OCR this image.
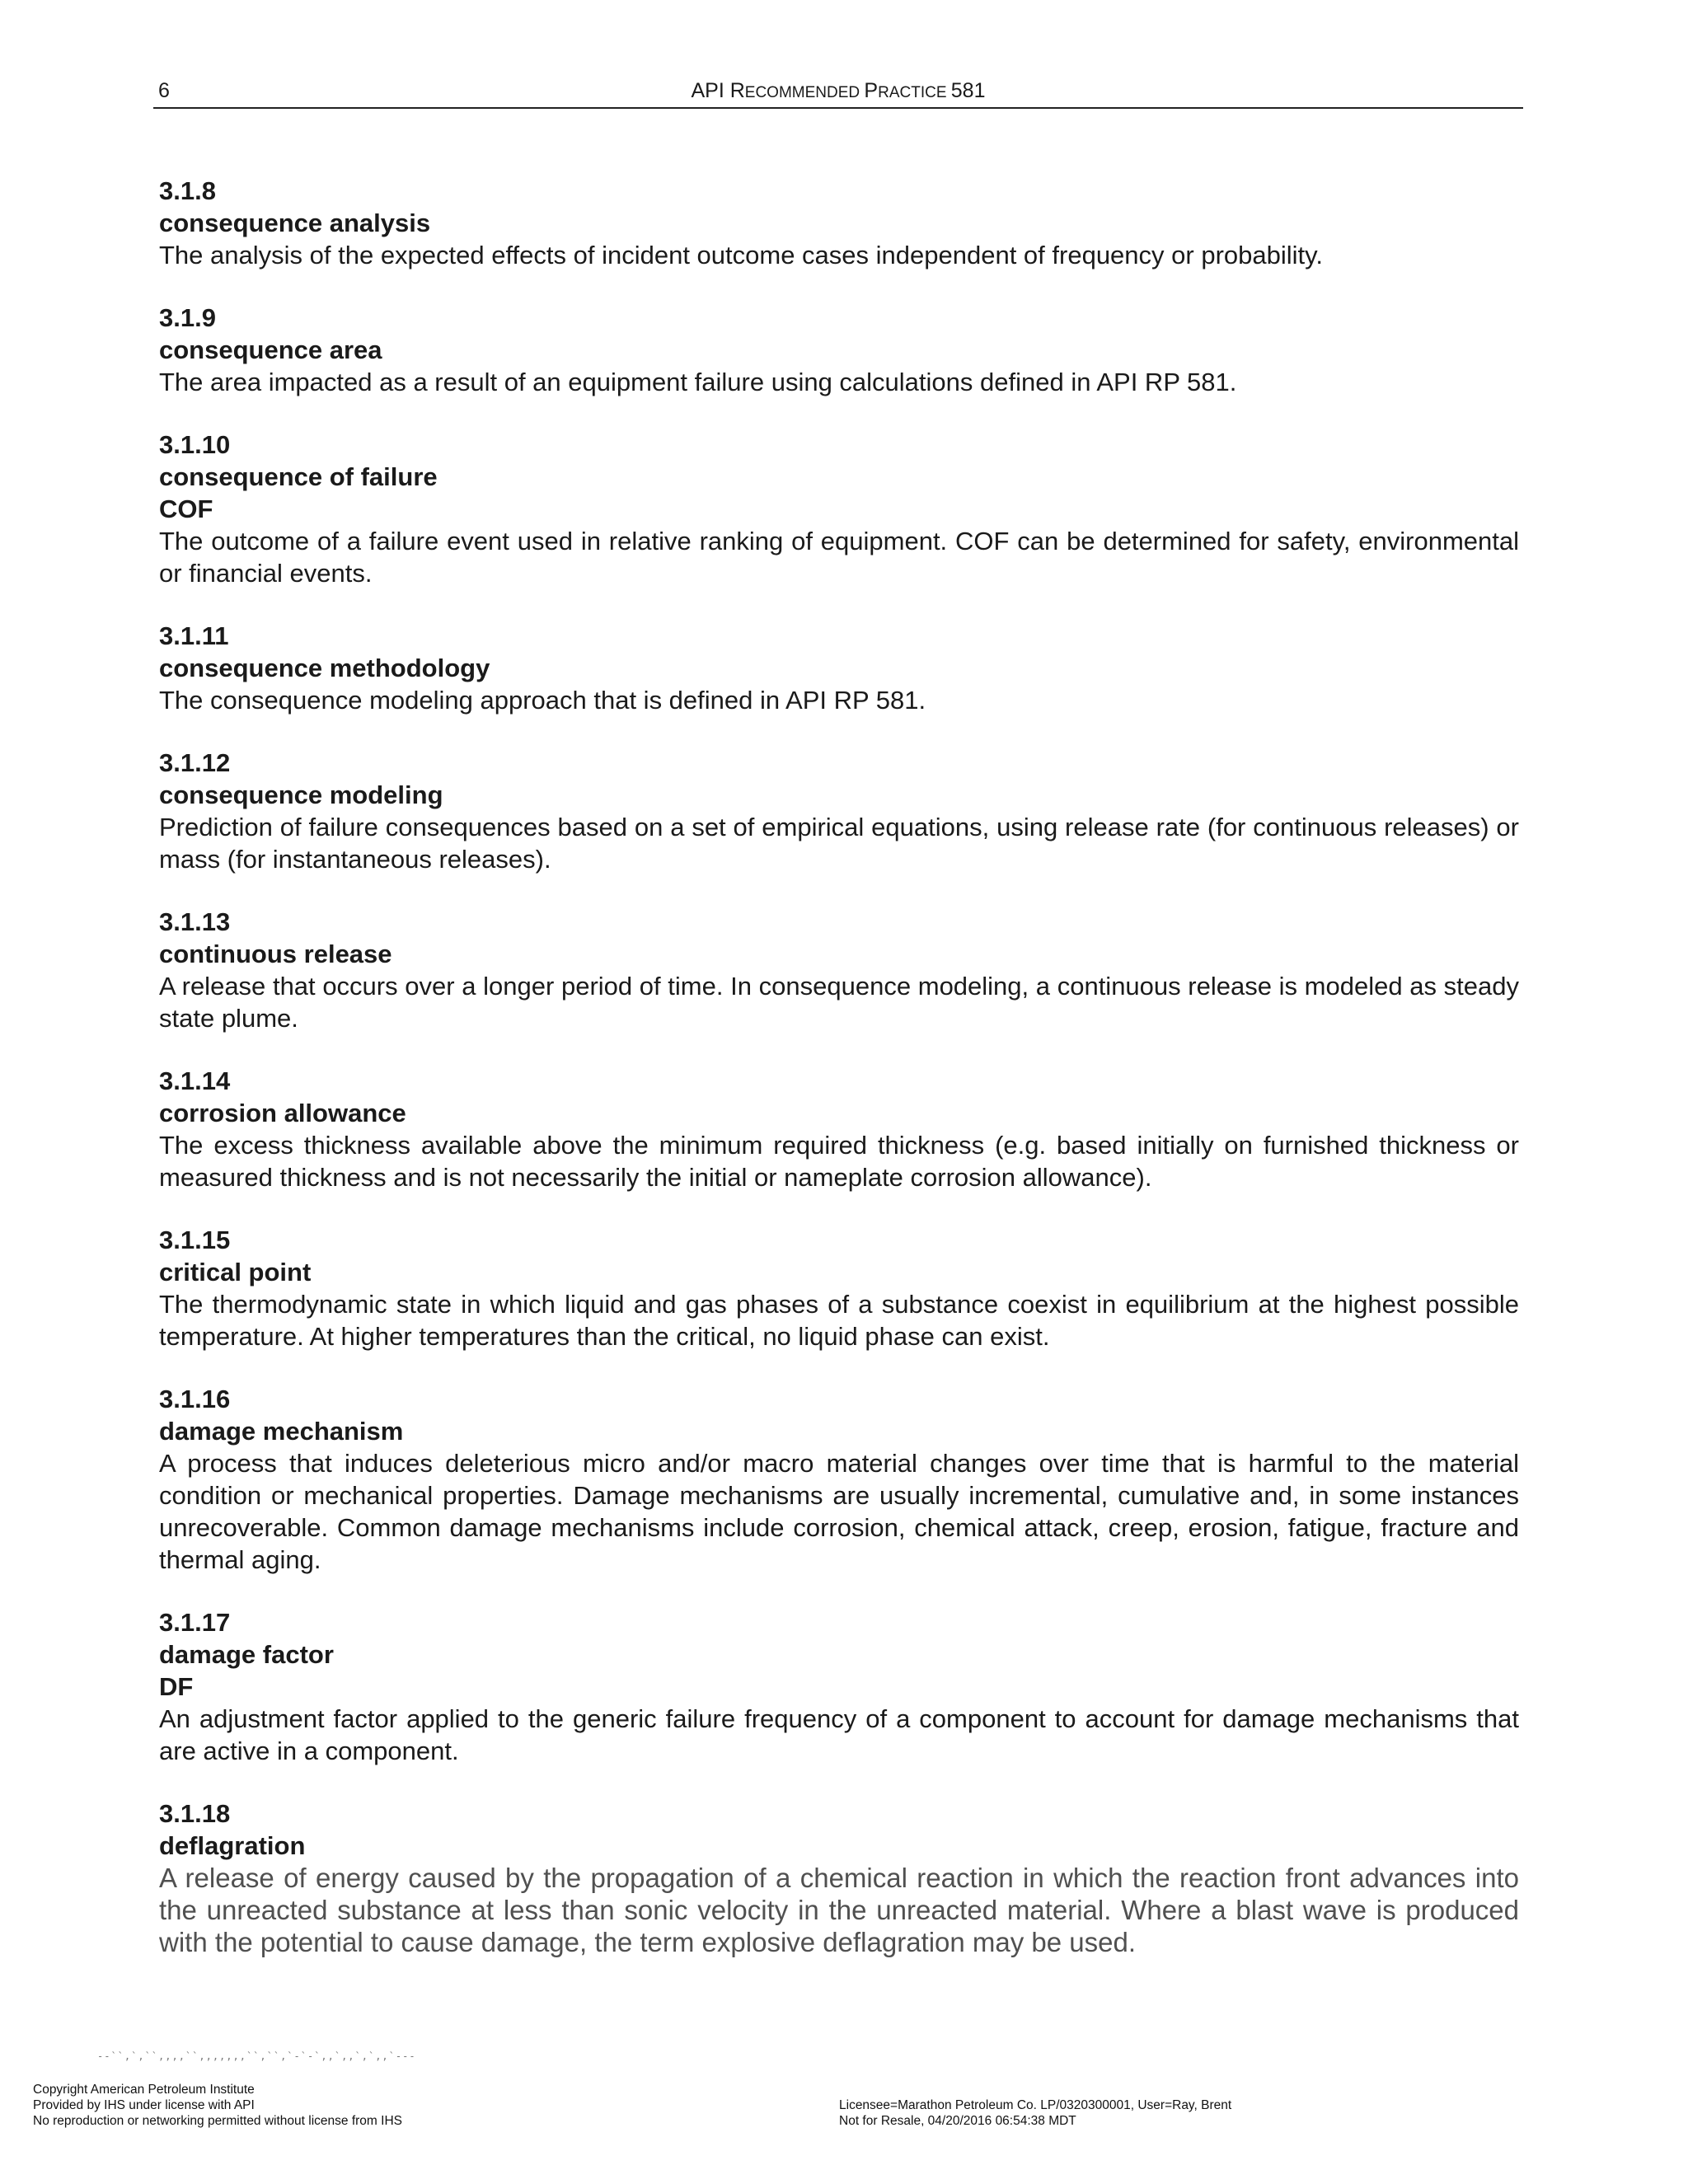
6	API RECOMMENDED PRACTICE 581

3.1.8

consequence analysis

The analysis of the expected effects of incident outcome cases independent of frequency or probability.

3.1.9

consequence area

The area impacted as a result of an equipment failure using calculations defined in API RP 581.

3.1.10

consequence of failure

COF

The outcome of a failure event used in relative ranking of equipment. COF can be determined for safety, environmental or financial events.

3.1.11

consequence methodology

The consequence modeling approach that is defined in API RP 581.

3.1.12

consequence modeling

Prediction of failure consequences based on a set of empirical equations, using release rate (for continuous releases) or mass (for instantaneous releases).

3.1.13

continuous release

A release that occurs over a longer period of time. In consequence modeling, a continuous release is modeled as steady state plume.

3.1.14

corrosion allowance

The excess thickness available above the minimum required thickness (e.g. based initially on furnished thickness or measured thickness and is not necessarily the initial or nameplate corrosion allowance).

3.1.15

critical point

The thermodynamic state in which liquid and gas phases of a substance coexist in equilibrium at the highest possible temperature. At higher temperatures than the critical, no liquid phase can exist.

3.1.16

damage mechanism

A process that induces deleterious micro and/or macro material changes over time that is harmful to the material condition or mechanical properties. Damage mechanisms are usually incremental, cumulative and, in some instances unrecoverable. Common damage mechanisms include corrosion, chemical attack, creep, erosion, fatigue, fracture and thermal aging.

3.1.17

damage factor

DF

An adjustment factor applied to the generic failure frequency of a component to account for damage mechanisms that are active in a component.

3.1.18

deflagration

A release of energy caused by the propagation of a chemical reaction in which the reaction front advances into the unreacted substance at less than sonic velocity in the unreacted material. Where a blast wave is produced with the potential to cause damage, the term explosive deflagration may be used.

--``,`,``,,,,``,,,,,,,``,``,`-`-`,,`,,`,`,,`---
Copyright American Petroleum Institute
Provided by IHS under license with API
No reproduction or networking permitted without license from IHS
Licensee=Marathon Petroleum Co. LP/0320300001, User=Ray, Brent
Not for Resale, 04/20/2016 06:54:38 MDT
